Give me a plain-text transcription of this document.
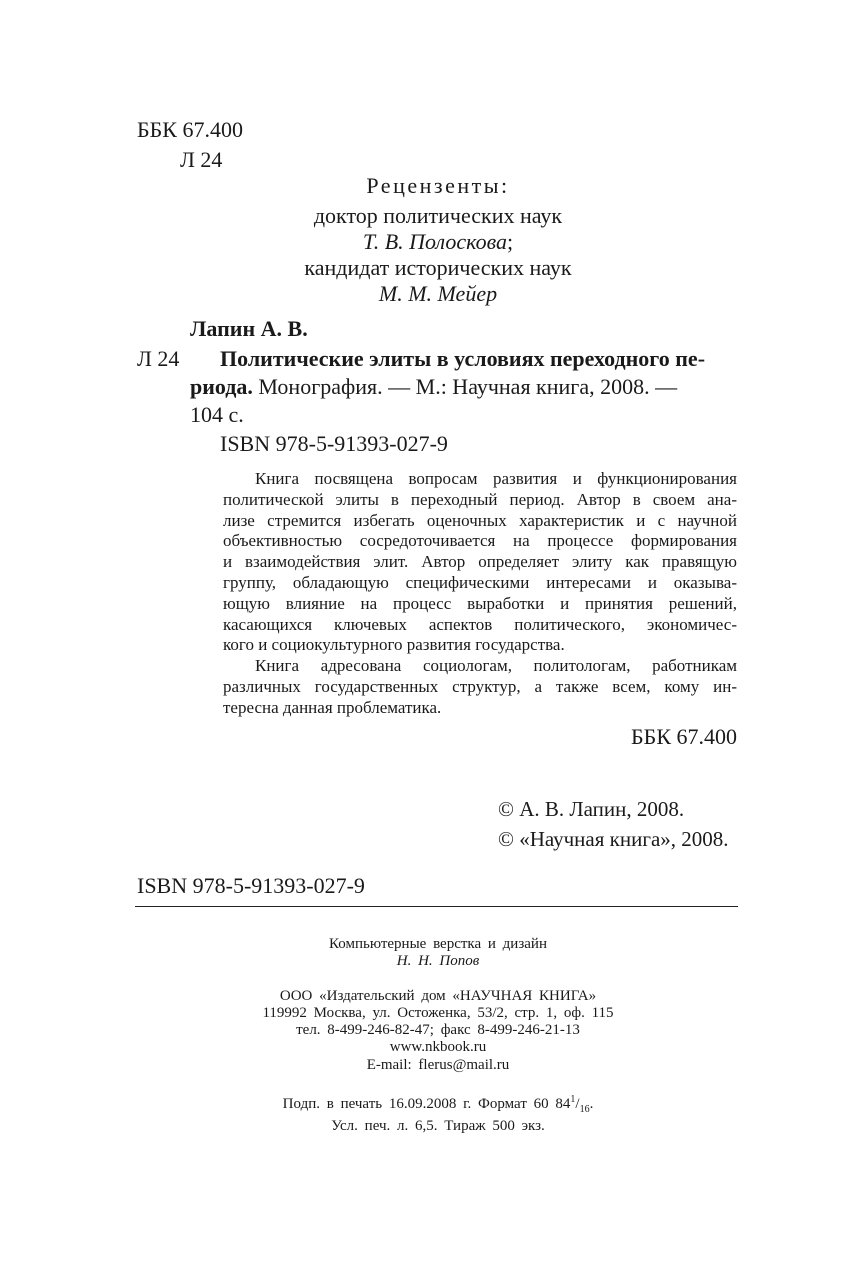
ББК 67.400
Л 24
Рецензенты:
доктор политических наук
Т. В. Полоскова;
кандидат исторических наук
М. М. Мейер
Лапин А. В.
Л 24 Политические элиты в условиях переходного пе-
риода. Монография. — М.: Научная книга, 2008. —
104 с.
ISBN 978-5-91393-027-9

Книга посвящена вопросам развития и функционирования

политической элиты в переходный период. Автор в своем ана-

лизе стремится избегать оценочных характеристик и с научной

объективностью сосредоточивается на процессе формирования

и взаимодействия элит. Автор определяет элиту как правящую

группу, обладающую специфическими интересами и оказыва-

ющую влияние на процесс выработки и принятия решений,

касающихся ключевых аспектов политического, экономичес-

кого и социокультурного развития государства.

Книга адресована социологам, политологам, работникам

различных государственных структур, а также всем, кому ин-

тересна данная проблематика.

ББК 67.400
© А. В. Лапин, 2008.
© «Научная книга», 2008.
ISBN 978-5-91393-027-9
Компьютерные верстка и дизайн
Н. Н. Попов
ООО «Издательский дом «НАУЧНАЯ КНИГА»
119992 Москва, ул. Остоженка, 53/2, стр. 1, оф. 115
тел. 8-499-246-82-47; факс 8-499-246-21-13
www.nkbook.ru
E-mail: flerus@mail.ru
Подп. в печать 16.09.2008 г. Формат 60 $84^1/_{16}$.
Усл. печ. л. 6,5. Тираж 500 экз.
